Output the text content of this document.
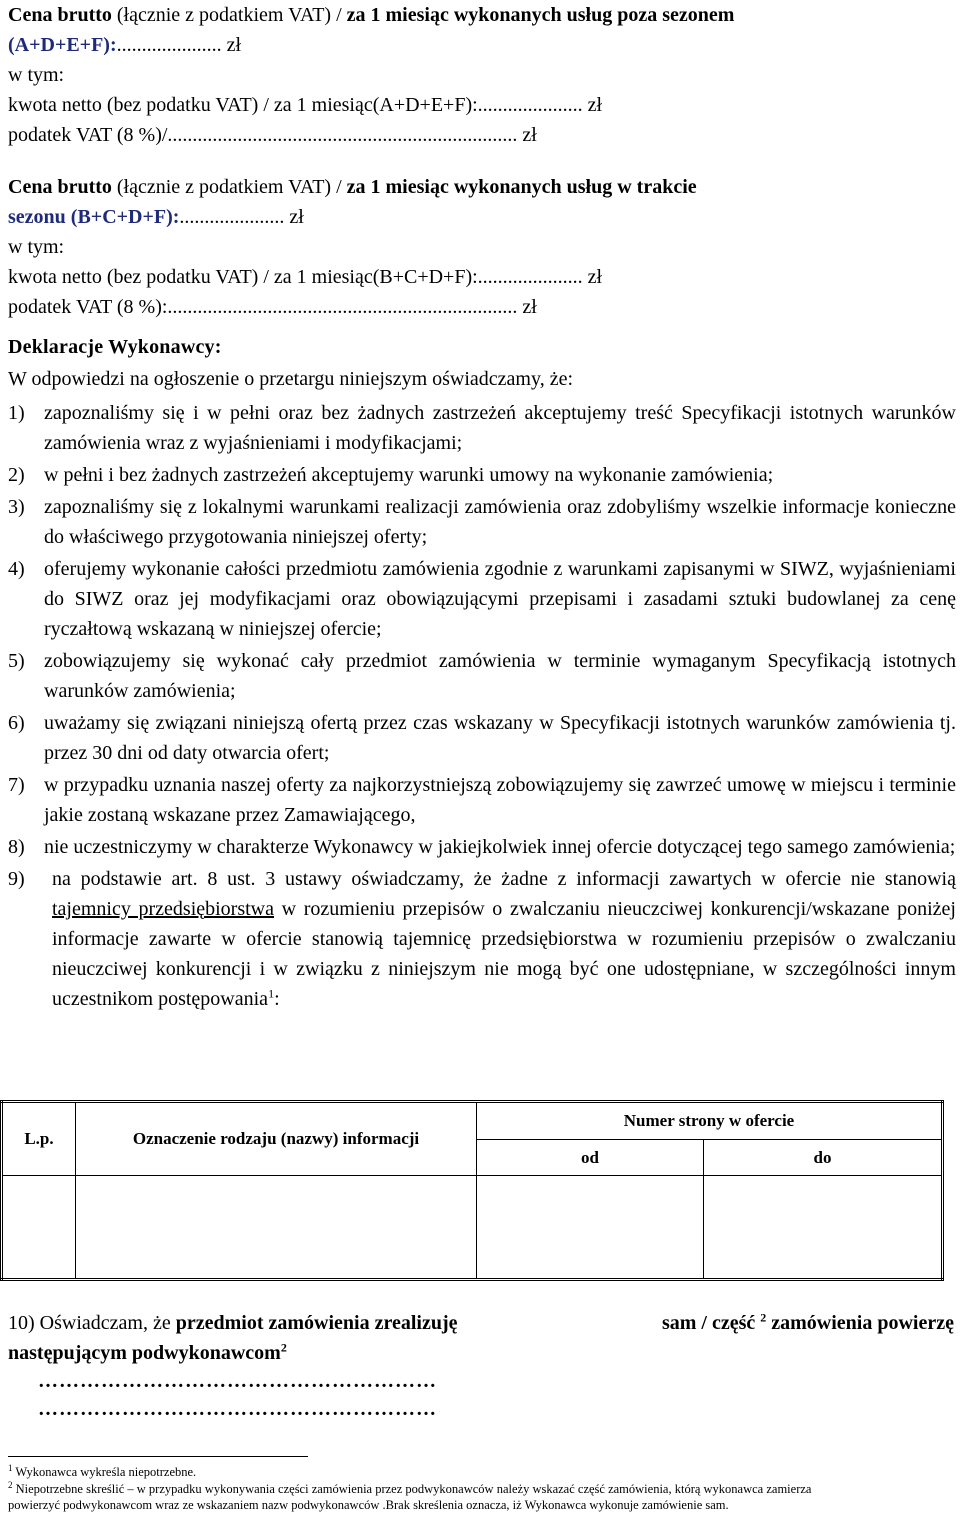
Cena brutto (łącznie z podatkiem VAT) / za 1 miesiąc wykonanych usług poza sezonem
(A+D+E+F):..................... zł
w tym:
kwota netto (bez podatku VAT) / za 1 miesiąc(A+D+E+F):..................... zł
podatek VAT (8 %)/...................................................................... zł
Cena brutto (łącznie z podatkiem VAT) / za 1 miesiąc wykonanych usług w trakcie
sezonu (B+C+D+F):..................... zł
w tym:
kwota netto (bez podatku VAT) / za 1 miesiąc(B+C+D+F):..................... zł
podatek VAT (8 %):...................................................................... zł
Deklaracje Wykonawcy:
W odpowiedzi na ogłoszenie o przetargu niniejszym oświadczamy, że:
1) zapoznaliśmy się i w pełni oraz bez żadnych zastrzeżeń akceptujemy treść Specyfikacji istotnych warunków zamówienia wraz z wyjaśnieniami i modyfikacjami;
2) w pełni i bez żadnych zastrzeżeń akceptujemy warunki umowy na wykonanie zamówienia;
3) zapoznaliśmy się z lokalnymi warunkami realizacji zamówienia oraz zdobyliśmy wszelkie informacje konieczne do właściwego przygotowania niniejszej oferty;
4) oferujemy wykonanie całości przedmiotu zamówienia zgodnie z warunkami zapisanymi w SIWZ, wyjaśnieniami do SIWZ oraz jej modyfikacjami oraz obowiązującymi przepisami i zasadami sztuki budowlanej za cenę ryczałtową wskazaną w niniejszej ofercie;
5) zobowiązujemy się wykonać cały przedmiot zamówienia w terminie wymaganym Specyfikacją istotnych warunków zamówienia;
6) uważamy się związani niniejszą ofertą przez czas wskazany w Specyfikacji istotnych warunków zamówienia tj. przez 30 dni od daty otwarcia ofert;
7) w przypadku uznania naszej oferty za najkorzystniejszą zobowiązujemy się zawrzeć umowę w miejscu i terminie jakie zostaną wskazane przez Zamawiającego,
8) nie uczestniczymy w charakterze Wykonawcy w jakiejkolwiek innej ofercie dotyczącej tego samego zamówienia;
9)	na podstawie art. 8 ust. 3 ustawy oświadczamy, że żadne z informacji zawartych w ofercie nie stanowią tajemnicy przedsiębiorstwa w rozumieniu przepisów o zwalczaniu nieuczciwej konkurencji/wskazane poniżej informacje zawarte w ofercie stanowią tajemnicę przedsiębiorstwa w rozumieniu przepisów o zwalczaniu nieuczciwej konkurencji i w związku z niniejszym nie mogą być one udostępniane, w szczególności innym uczestnikom postępowania$^1$:
L.p.	Oznaczenie rodzaju (nazwy) informacji	Numer strony w ofercie	
		od	do

10) Oświadczam, że przedmiot zamówienia zrealizuję	sam / część $^2$ zamówienia powierzę
następującym podwykonawcom$^2$
…………………………………………………
…………………………………………………
$^1$ Wykonawca wykreśla niepotrzebne.
$^2$ Niepotrzebne skreślić – w przypadku wykonywania części zamówienia przez podwykonawców należy wskazać część zamówienia, którą wykonawca zamierza
powierzyć podwykonawcom wraz ze wskazaniem nazw podwykonawców .Brak skreślenia oznacza, iż Wykonawca wykonuje zamówienie sam.
